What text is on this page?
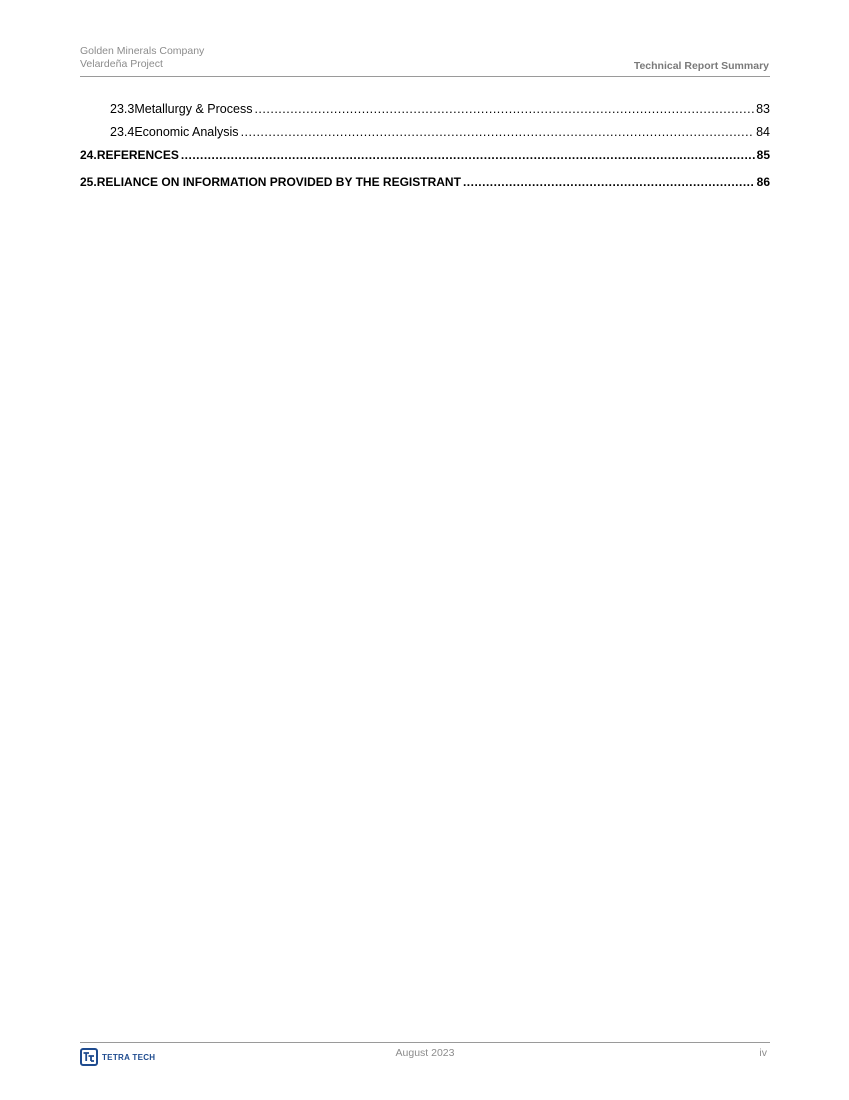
Golden Minerals Company
Velardeña Project	Technical Report Summary
23.3 Metallurgy & Process .....	83
23.4 Economic Analysis .....	84
24. REFERENCES .....	85
25. RELIANCE ON INFORMATION PROVIDED BY THE REGISTRANT .....	86
TETRA TECH	August 2023	iv
